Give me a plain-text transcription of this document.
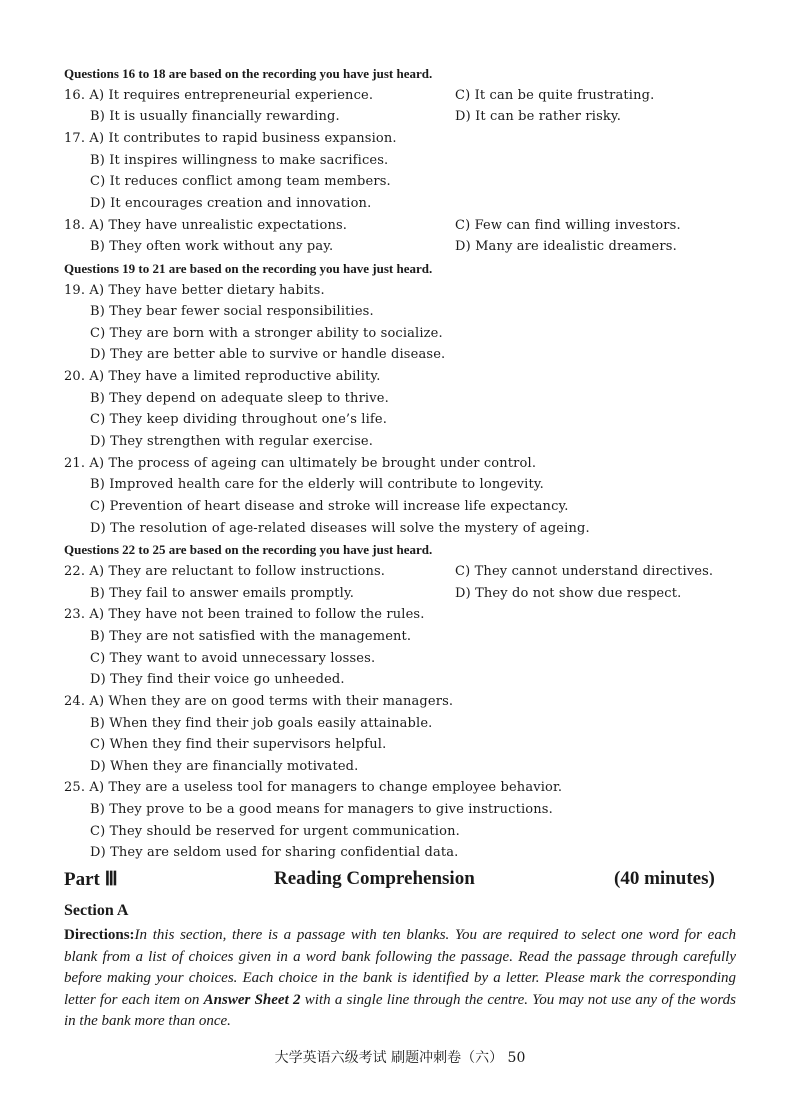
Questions 16 to 18 are based on the recording you have just heard.
16. A) It requires entrepreneurial experience.	C) It can be quite frustrating.
B) It is usually financially rewarding.	D) It can be rather risky.
17. A) It contributes to rapid business expansion.
B) It inspires willingness to make sacrifices.
C) It reduces conflict among team members.
D) It encourages creation and innovation.
18. A) They have unrealistic expectations.	C) Few can find willing investors.
B) They often work without any pay.	D) Many are idealistic dreamers.
Questions 19 to 21 are based on the recording you have just heard.
19. A) They have better dietary habits.
B) They bear fewer social responsibilities.
C) They are born with a stronger ability to socialize.
D) They are better able to survive or handle disease.
20. A) They have a limited reproductive ability.
B) They depend on adequate sleep to thrive.
C) They keep dividing throughout one’s life.
D) They strengthen with regular exercise.
21. A) The process of ageing can ultimately be brought under control.
B) Improved health care for the elderly will contribute to longevity.
C) Prevention of heart disease and stroke will increase life expectancy.
D) The resolution of age-related diseases will solve the mystery of ageing.
Questions 22 to 25 are based on the recording you have just heard.
22. A) They are reluctant to follow instructions.	C) They cannot understand directives.
B) They fail to answer emails promptly.	D) They do not show due respect.
23. A) They have not been trained to follow the rules.
B) They are not satisfied with the management.
C) They want to avoid unnecessary losses.
D) They find their voice go unheeded.
24. A) When they are on good terms with their managers.
B) When they find their job goals easily attainable.
C) When they find their supervisors helpful.
D) When they are financially motivated.
25. A) They are a useless tool for managers to change employee behavior.
B) They prove to be a good means for managers to give instructions.
C) They should be reserved for urgent communication.
D) They are seldom used for sharing confidential data.
Part Ⅲ	Reading Comprehension	(40 minutes)
Section A
Directions:In this section, there is a passage with ten blanks. You are required to select one word for each blank from a list of choices given in a word bank following the passage. Read the passage through carefully before making your choices. Each choice in the bank is identified by a letter. Please mark the corresponding letter for each item on Answer Sheet 2 with a single line through the centre. You may not use any of the words in the bank more than once.
大学英语六级考试 刷题冲刺卷（六） 50
